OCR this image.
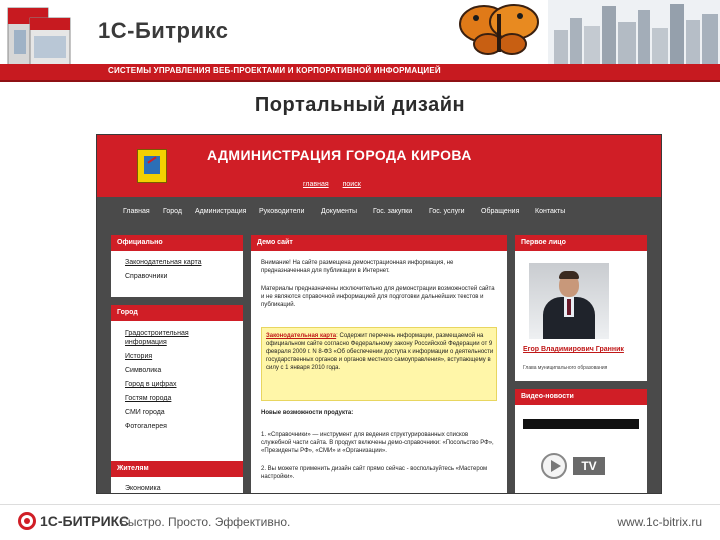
1С-Битрикс
СИСТЕМЫ УПРАВЛЕНИЯ ВЕБ-ПРОЕКТАМИ И КОРПОРАТИВНОЙ ИНФОРМАЦИЕЙ
Портальный дизайн
АДМИНИСТРАЦИЯ ГОРОДА КИРОВА
главная поиск
Главная Город Администрация Руководители Документы Гос. закупки Гос. услуги Обращения Контакты
Официально
Законодательная карта
Справочники
Город
Градостроительная информация
История
Символика
Город в цифрах
Гостям города
СМИ города
Фотогалерея
Жителям
Экономика
Демо сайт
Внимание! На сайте размещена демонстрационная информация, не предназначенная для публикации в Интернет.
Материалы предназначены исключительно для демонстрации возможностей сайта и не являются справочной информацией для подготовки дальнейших текстов и публикаций.
Законодательная карта: Содержит перечень информации, размещаемой на официальном сайте согласно Федеральному закону Российской Федерации от 9 февраля 2009 г. N 8-ФЗ «Об обеспечении доступа к информации о деятельности государственных органов и органов местного самоуправления», вступающему в силу с 1 января 2010 года.
Новые возможности продукта:
1. «Справочники» — инструмент для ведения структурированных списков служебной части сайта. В продукт включены демо-справочники: «Посольство РФ», «Президенты РФ», «СМИ» и «Организации».
2. Вы можете применить дизайн сайт прямо сейчас - воспользуйтесь «Мастером настройки».
Первое лицо
Егор Владимирович Гранник
Глава муниципального образования
Видео-новости
TV
1С-БИТРИКС
Быстро. Просто. Эффективно.	www.1c-bitrix.ru
